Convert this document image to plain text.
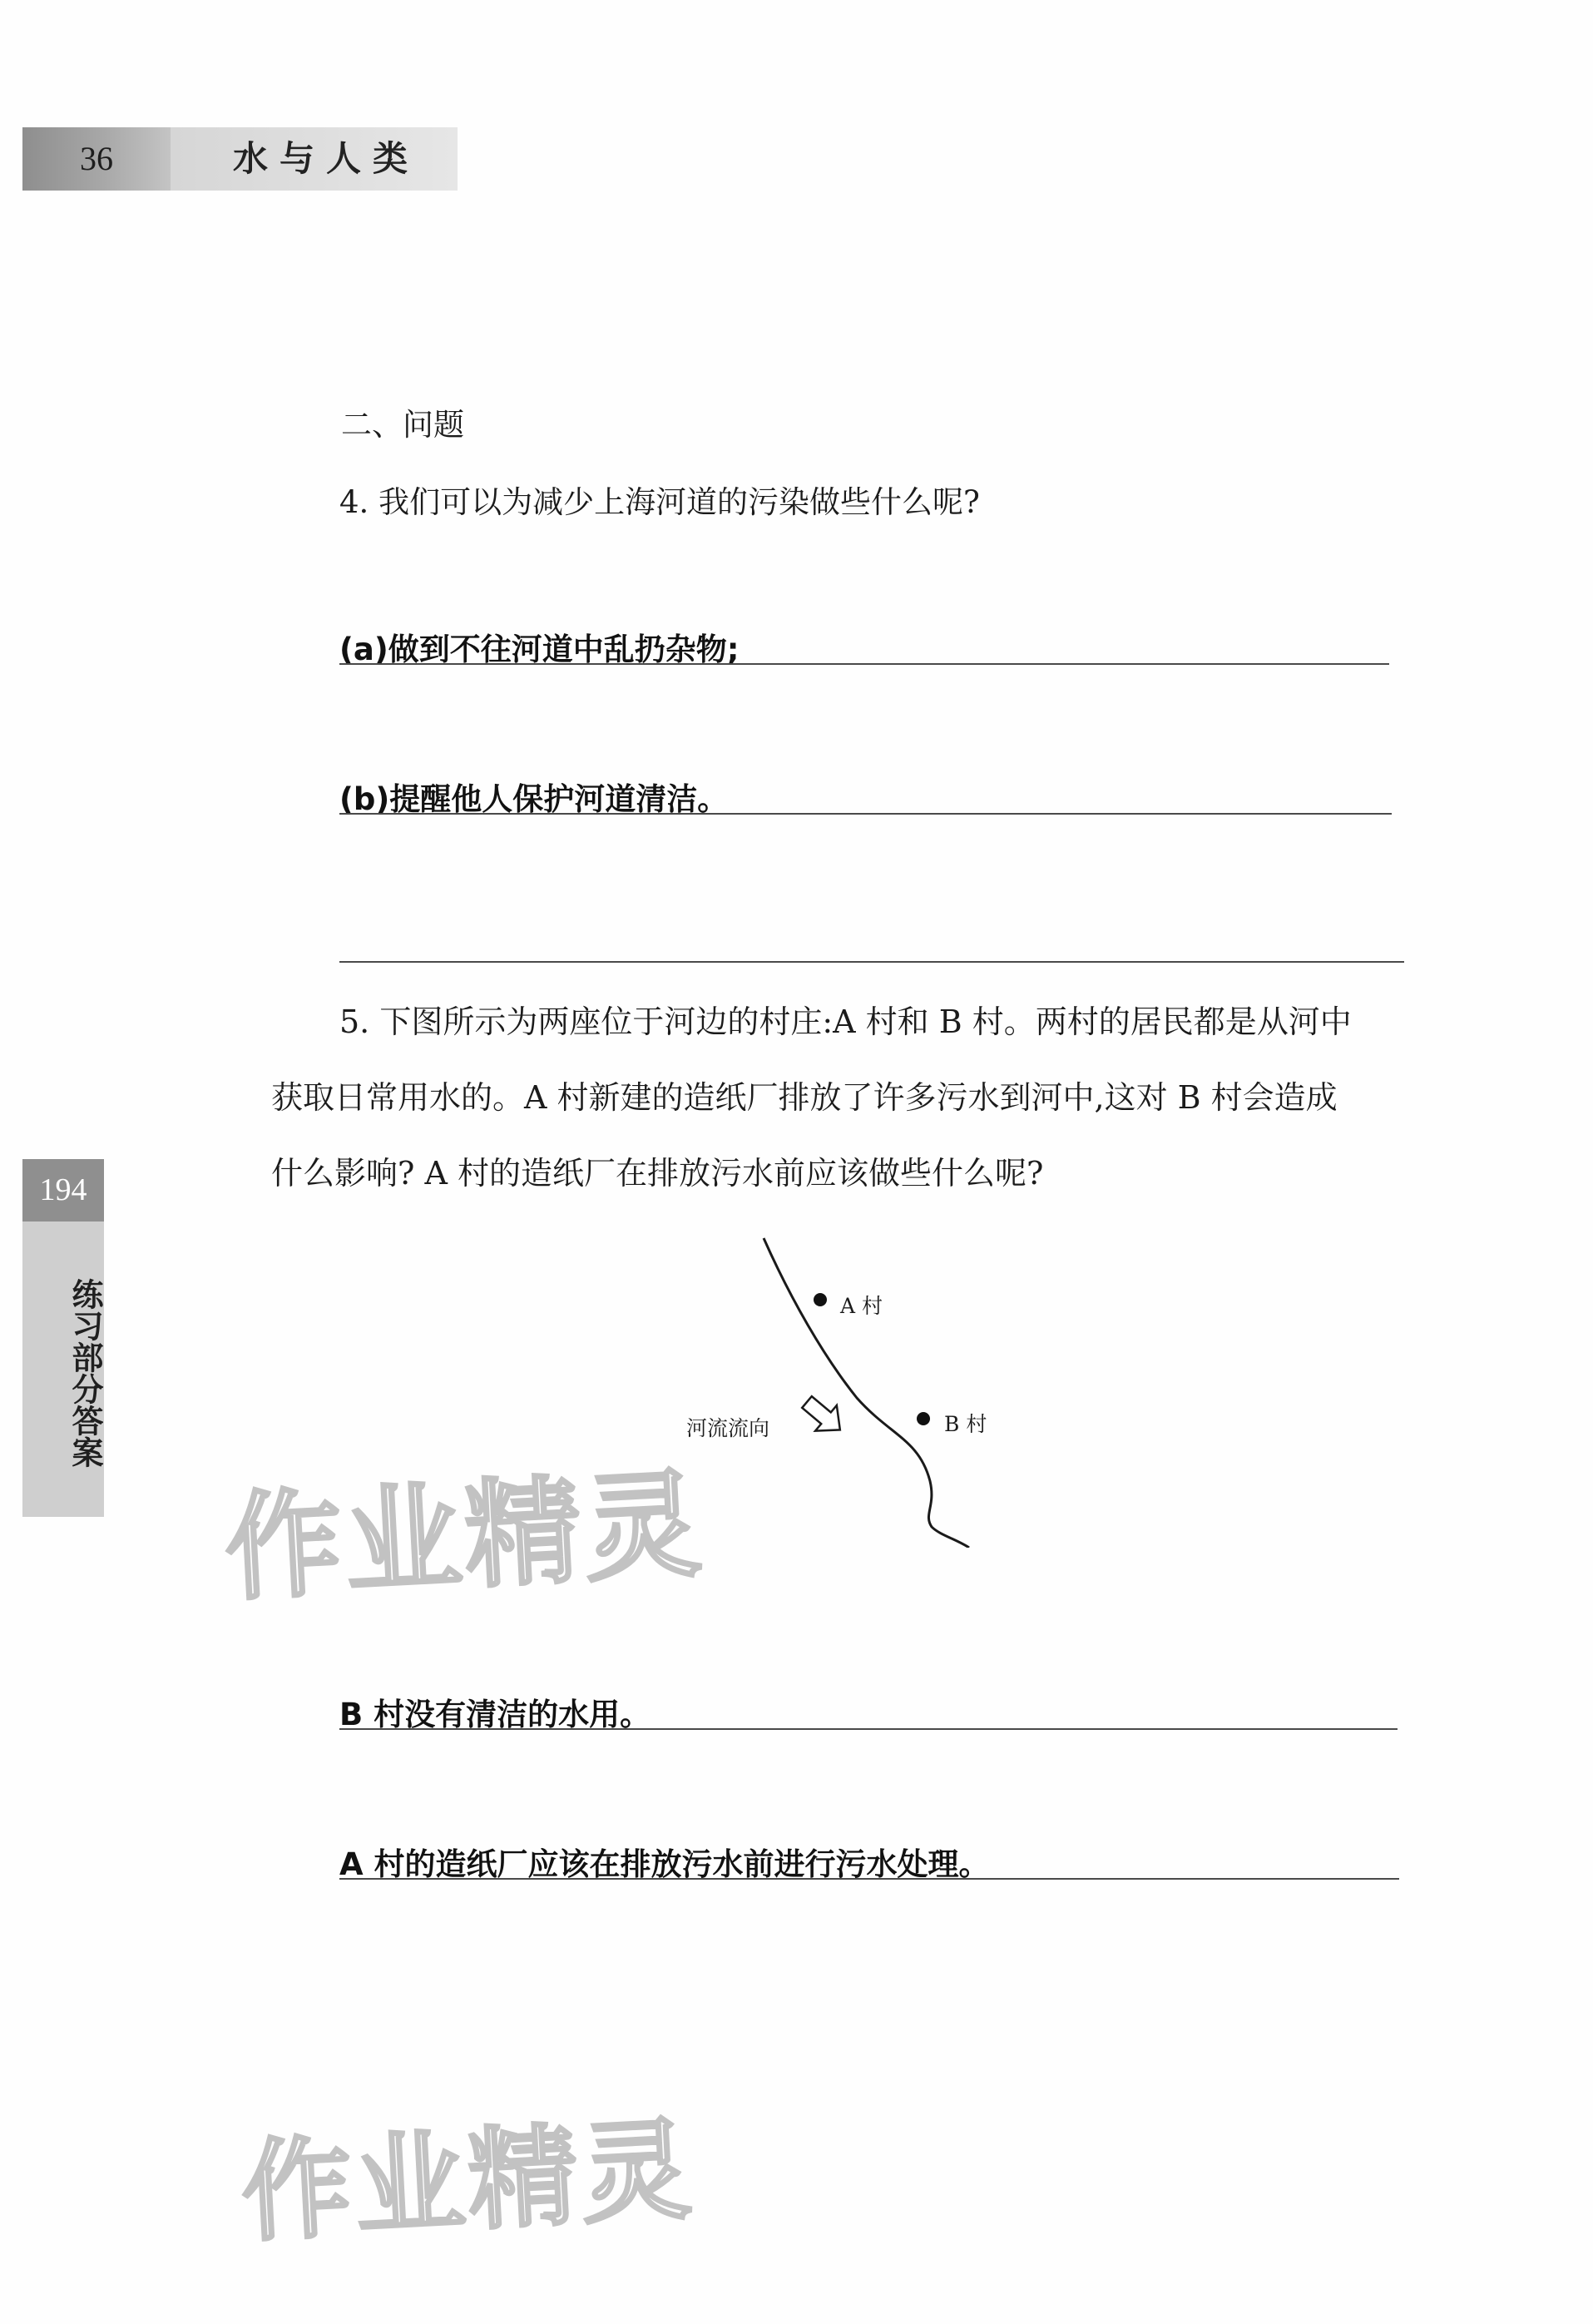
36	水与人类
194
练习部分答案
二、问题
4. 我们可以为减少上海河道的污染做些什么呢?
(a)做到不往河道中乱扔杂物;
(b)提醒他人保护河道清洁。
5. 下图所示为两座位于河边的村庄:A 村和 B 村。两村的居民都是从河中
获取日常用水的。A 村新建的造纸厂排放了许多污水到河中,这对 B 村会造成
什么影响? A 村的造纸厂在排放污水前应该做些什么呢?
A 村
B 村
河流流向
作业精灵
B 村没有清洁的水用。
A 村的造纸厂应该在排放污水前进行污水处理。
作业精灵
